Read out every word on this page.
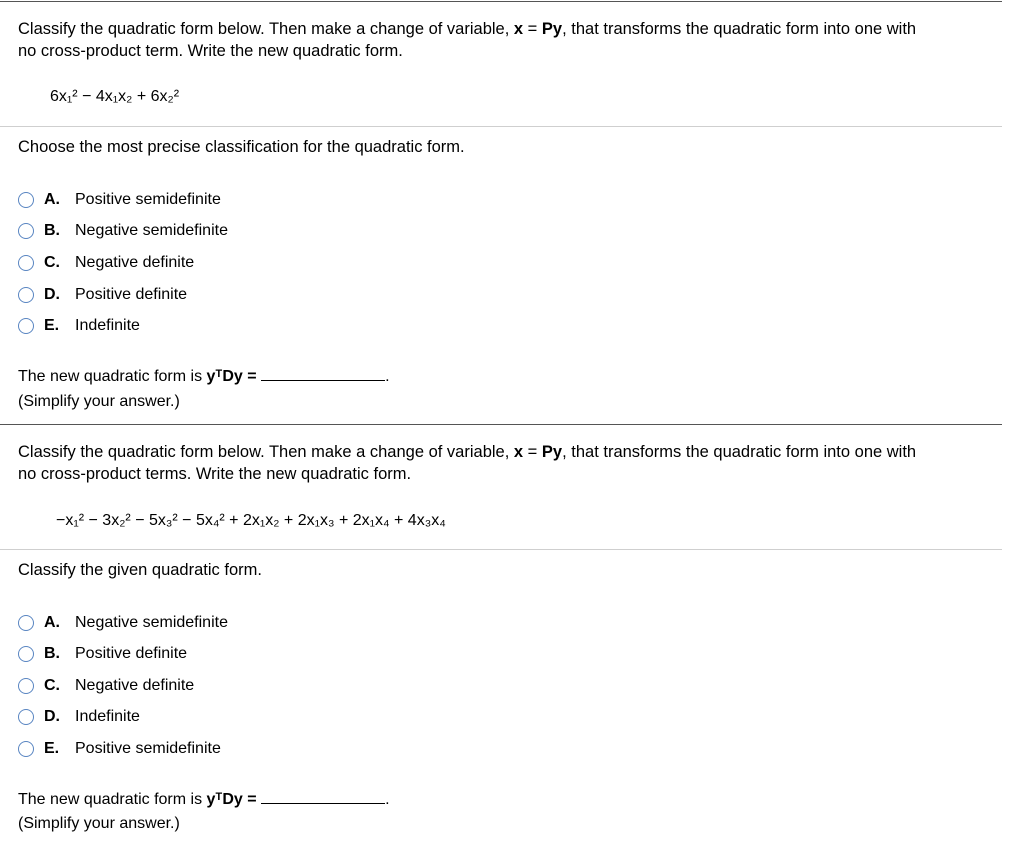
Classify the quadratic form below. Then make a change of variable, x = Py, that transforms the quadratic form into one with
no cross-product term. Write the new quadratic form.
6x₁² − 4x₁x₂ + 6x₂²
Choose the most precise classification for the quadratic form.
A. Positive semidefinite
B. Negative semidefinite
C. Negative definite
D. Positive definite
E. Indefinite
The new quadratic form is yᵀDy =	.
(Simplify your answer.)
Classify the quadratic form below. Then make a change of variable, x = Py, that transforms the quadratic form into one with
no cross-product terms. Write the new quadratic form.
−x₁² − 3x₂² − 5x₃² − 5x₄² + 2x₁x₂ + 2x₁x₃ + 2x₁x₄ + 4x₃x₄
Classify the given quadratic form.
A. Negative semidefinite
B. Positive definite
C. Negative definite
D. Indefinite
E. Positive semidefinite
The new quadratic form is yᵀDy =	.
(Simplify your answer.)
